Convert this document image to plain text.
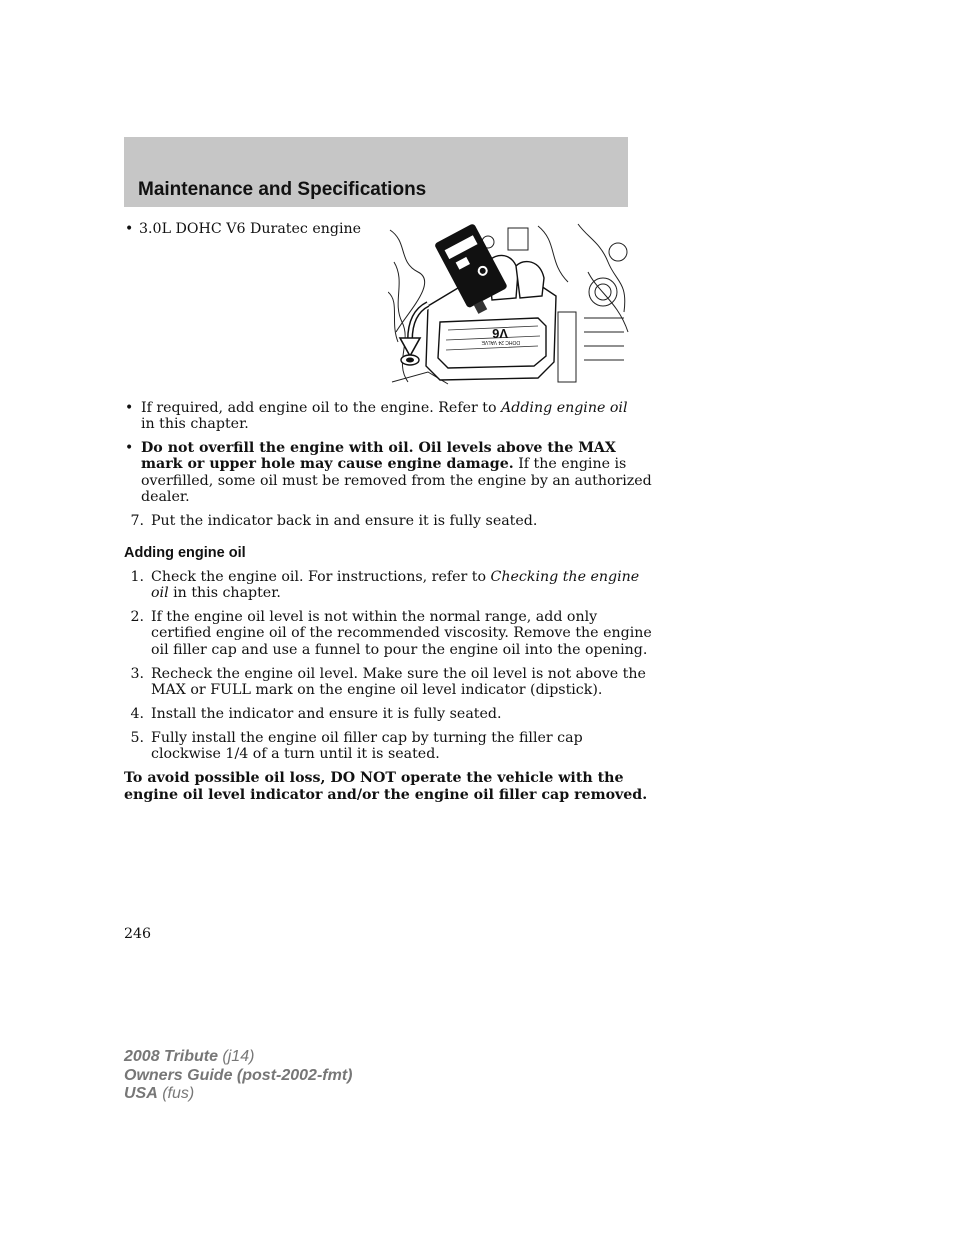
Maintenance and Specifications
• 3.0L DOHC V6 Duratec engine
V6
DOHC 24 VALVE
• If required, add engine oil to the engine. Refer to Adding engine oil
in this chapter.
• Do not overfill the engine with oil. Oil levels above the MAX
mark or upper hole may cause engine damage. If the engine is
overfilled, some oil must be removed from the engine by an authorized
dealer.
7. Put the indicator back in and ensure it is fully seated.
Adding engine oil
1. Check the engine oil. For instructions, refer to Checking the engine
oil in this chapter.
2. If the engine oil level is not within the normal range, add only
certified engine oil of the recommended viscosity. Remove the engine
oil filler cap and use a funnel to pour the engine oil into the opening.
3. Recheck the engine oil level. Make sure the oil level is not above the
MAX or FULL mark on the engine oil level indicator (dipstick).
4. Install the indicator and ensure it is fully seated.
5. Fully install the engine oil filler cap by turning the filler cap
clockwise 1/4 of a turn until it is seated.
To avoid possible oil loss, DO NOT operate the vehicle with the
engine oil level indicator and/or the engine oil filler cap removed.
246
2008 Tribute (j14)
Owners Guide (post-2002-fmt)
USA (fus)
